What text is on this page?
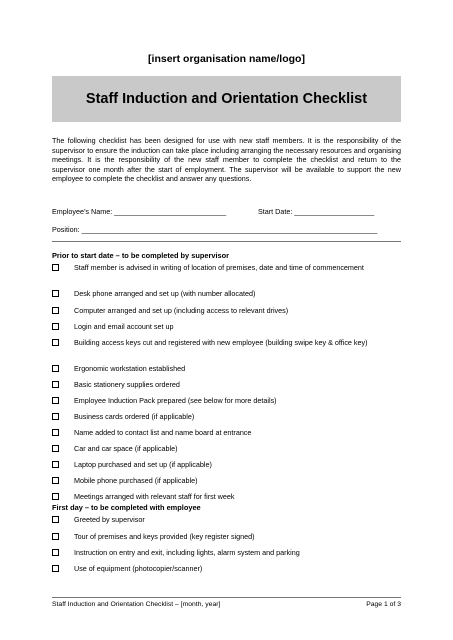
[insert organisation name/logo]
Staff Induction and Orientation Checklist
The following checklist has been designed for use with new staff members. It is the responsibility of the supervisor to ensure the induction can take place including arranging the necessary resources and organising meetings. It is the responsibility of the new staff member to complete the checklist and return to the supervisor one month after the start of employment. The supervisor will be available to support the new employee to complete the checklist and answer any questions.
Employee’s Name: ____________________________	Start Date: ____________________
Position: __________________________________________________________________________
Prior to start date – to be completed by supervisor
Staff member is advised in writing of location of premises, date and time of commencement
Desk phone arranged and set up (with number allocated)
Computer arranged and set up (including access to relevant drives)
Login and email account set up
Building access keys cut and registered with new employee (building swipe key & office key)
Ergonomic workstation established
Basic stationery supplies ordered
Employee Induction Pack prepared (see below for more details)
Business cards ordered (if applicable)
Name added to contact list and name board at entrance
Car and car space (if applicable)
Laptop purchased and set up (if applicable)
Mobile phone purchased (if applicable)
Meetings arranged with relevant staff for first week
First day – to be completed with employee
Greeted by supervisor
Tour of premises and keys provided (key register signed)
Instruction on entry and exit, including lights, alarm system and parking
Use of equipment (photocopier/scanner)
Staff Induction and Orientation Checklist – [month, year]	Page 1 of 3
